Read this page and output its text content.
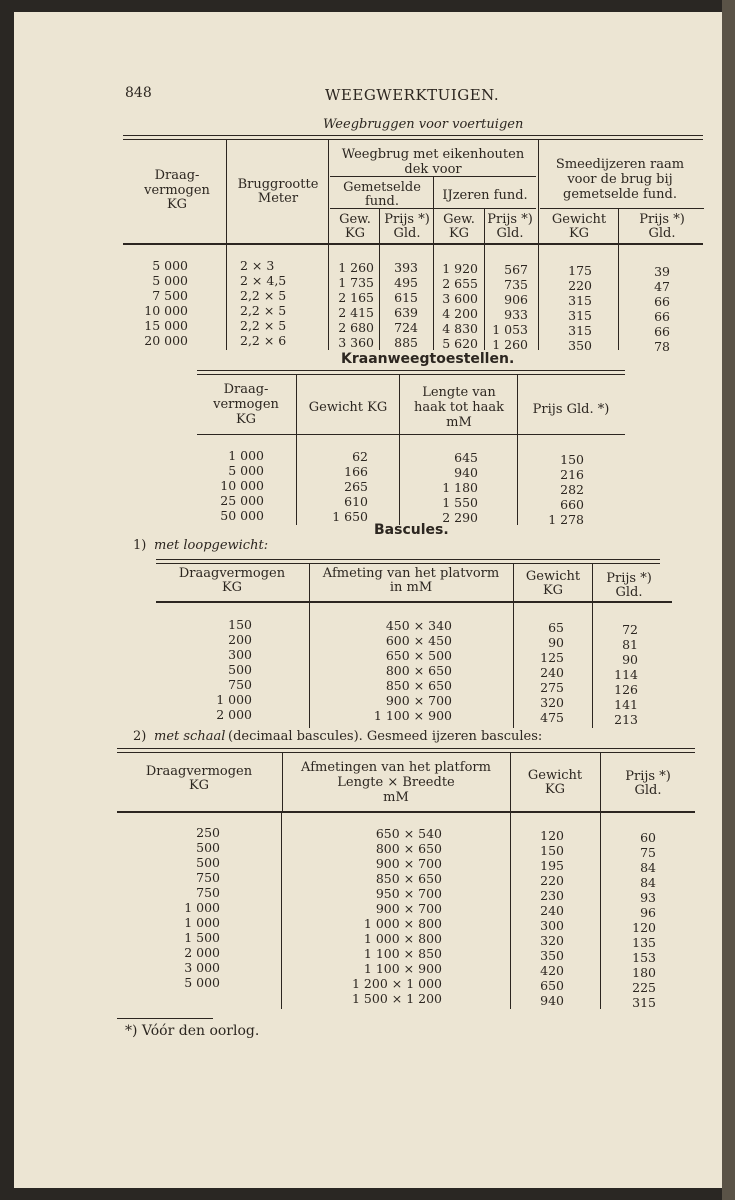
848	WEEGWERKTUIGEN.
Weegbruggen voor voertuigen
Draag-
vermogen
KG
Bruggrootte
Meter
Weegbrug met eikenhouten
dek voor
Gemetselde
fund.	IJzeren fund.
Smeedijzeren raam
voor de brug bij
gemetselde fund.
Gew.
KG
Prijs *)
Gld.
Gew.
KG
Prijs *)
Gld.
Gewicht
KG
Prijs *)
Gld.
5 000
5 000
7 500
10 000
15 000
20 000
2 × 3
2 × 4,5
2,2 × 5
2,2 × 5
2,2 × 5
2,2 × 6
1 260
1 735
2 165
2 415
2 680
3 360
393
495
615
639
724
885
1 920
2 655
3 600
4 200
4 830
5 620
567
735
906
933
1 053
1 260
175
220
315
315
315
350
39
47
66
66
66
78
Kraanweegtoestellen.
Draag-
vermogen
KG
Gewicht KG
Lengte van
haak tot haak
mM
Prijs Gld. *)
1 000
5 000
10 000
25 000
50 000
62
166
265
610
1 650
645
940
1 180
1 550
2 290
150
216
282
660
1 278
Bascules.
1) met loopgewicht:
Draagvermogen
KG
Afmeting van het platvorm
in mM
Gewicht
KG
Prijs *)
Gld.
150
200
300
500
750
1 000
2 000
450 × 340
600 × 450
650 × 500
800 × 650
850 × 650
900 × 700
1 100 × 900
65
90
125
240
275
320
475
72
81
90
114
126
141
213
2) met schaal (decimaal bascules). Gesmeed ijzeren bascules:
Draagvermogen
KG
Afmetingen van het platform
Lengte × Breedte
mM
Gewicht
KG
Prijs *)
Gld.
250
500
500
750
750
1 000
1 000
1 500
2 000
3 000
5 000
650 × 540
800 × 650
900 × 700
850 × 650
950 × 700
900 × 700
1 000 × 800
1 000 × 800
1 100 × 850
1 100 × 900
1 200 × 1 000
1 500 × 1 200
120
150
195
220
230
240
300
320
350
420
650
940
60
75
84
84
93
96
120
135
153
180
225
315
*) Vóór den oorlog.
